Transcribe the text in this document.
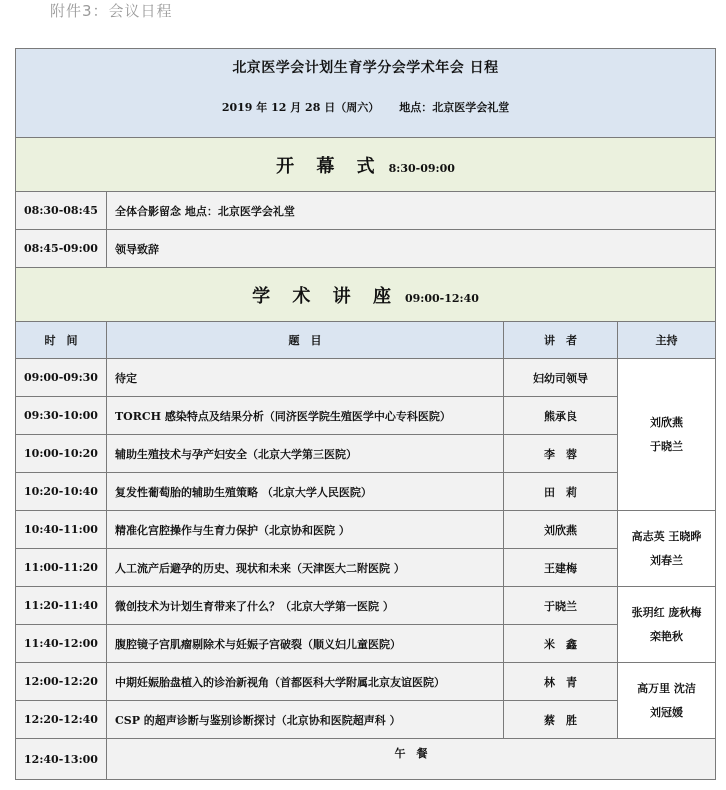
附件3：会议日程
北京医学会计划生育学分会学术年会 日程
2019 年 12 月 28 日（周六） 地点：北京医学会礼堂			

开 幕 式 8:30-09:00			
08:30-08:45	全体合影留念 地点：北京医学会礼堂		
08:45-09:00	领导致辞		
学 术 讲 座 09:00-12:40			
时　间	题　目	讲　者	主持
09:00-09:30	待定	妇幼司领导	刘欣燕
于晓兰

09:30-10:00	TORCH 感染特点及结果分析（同济医学院生殖医学中心专科医院）	熊承良	
10:00-10:20	辅助生殖技术与孕产妇安全（北京大学第三医院）	李　蓉	
10:20-10:40	复发性葡萄胎的辅助生殖策略 （北京大学人民医院）	田　莉	
10:40-11:00	精准化宫腔操作与生育力保护（北京协和医院 ）	刘欣燕	高志英 王晓晔
刘春兰

11:00-11:20	人工流产后避孕的历史、现状和未来（天津医大二附医院 ）	王建梅	
11:20-11:40	微创技术为计划生育带来了什么？（北京大学第一医院 ）	于晓兰	张玥红 庞秋梅
栾艳秋

11:40-12:00	腹腔镜子宫肌瘤剔除术与妊娠子宫破裂（顺义妇儿童医院）	米　鑫	
12:00-12:20	中期妊娠胎盘植入的诊治新视角（首都医科大学附属北京友谊医院）	林　青	高万里 沈洁
刘冠媛

12:20-12:40	CSP 的超声诊断与鉴别诊断探讨（北京协和医院超声科 ）	蔡　胜	
12:40-13:00	午　餐		
